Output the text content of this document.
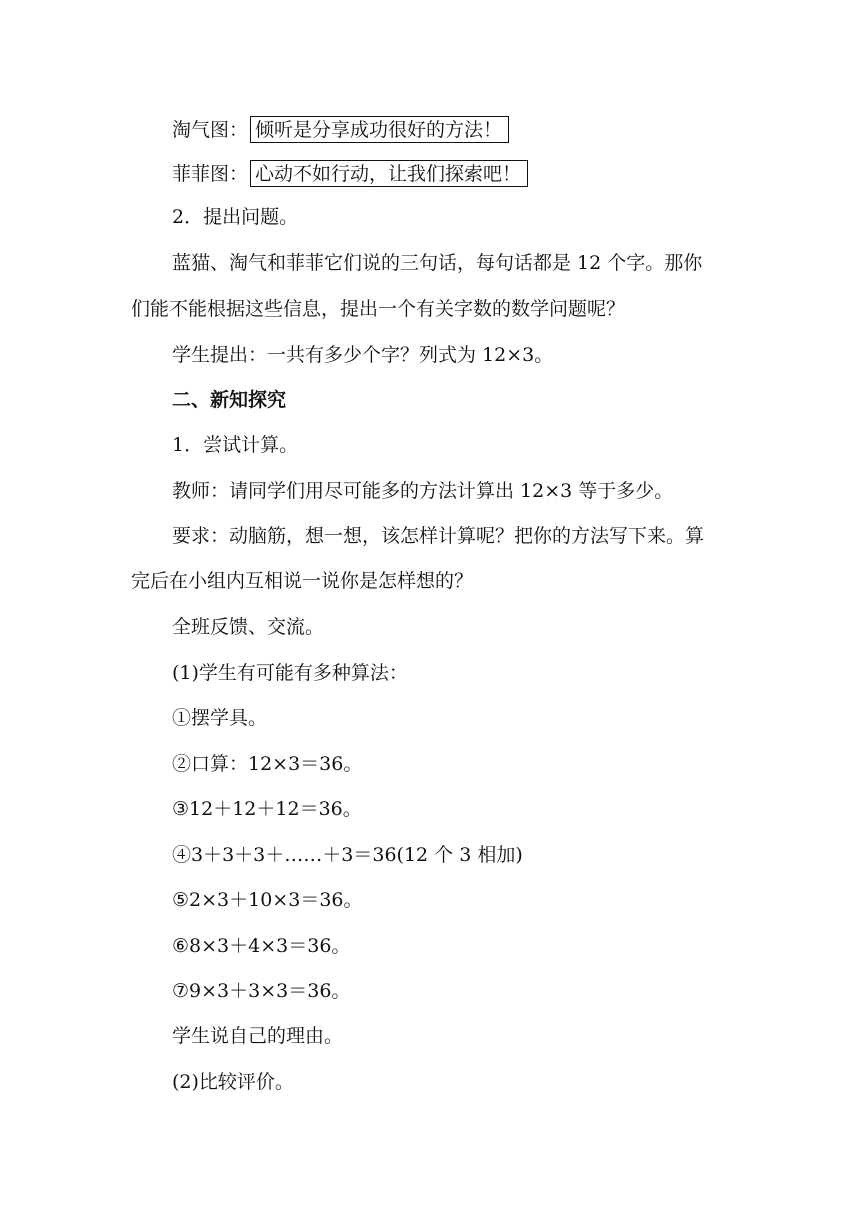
淘气图： 倾听是分享成功很好的方法！
菲菲图： 心动不如行动，让我们探索吧！
2．提出问题。
蓝猫、淘气和菲菲它们说的三句话，每句话都是 12 个字。那你
们能不能根据这些信息，提出一个有关字数的数学问题呢？
学生提出：一共有多少个字？列式为 12×3。
二、新知探究
1．尝试计算。
教师：请同学们用尽可能多的方法计算出 12×3 等于多少。
要求：动脑筋，想一想，该怎样计算呢？把你的方法写下来。算
完后在小组内互相说一说你是怎样想的？
全班反馈、交流。
(1)学生有可能有多种算法：
①摆学具。
②口算：12×3＝36。
③12＋12＋12＝36。
④3＋3＋3＋……＋3＝36(12 个 3 相加)
⑤2×3＋10×3＝36。
⑥8×3＋4×3＝36。
⑦9×3＋3×3＝36。
学生说自己的理由。
(2)比较评价。
